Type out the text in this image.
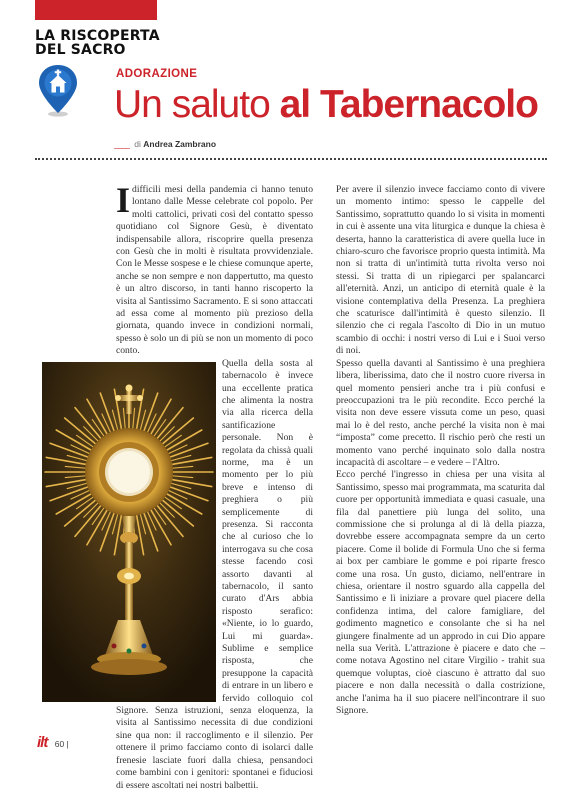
LA RISCOPERTA
DEL SACRO
ADORAZIONE
Un saluto al Tabernacolo
____ di Andrea Zambrano

Idifficili mesi della pandemia ci hanno tenuto lontano dalle Messe celebrate col popolo. Per molti cattolici, privati così del contatto spesso quotidiano col Signore Gesù, è diventato indispensabile allora, riscoprire quella presenza con Gesù che in molti è risultata provvidenziale. Con le Messe sospese e le chiese comunque aperte, anche se non sempre e non dappertutto, ma questo è un altro discorso, in tanti hanno riscoperto la visita al Santissimo Sacramento. E si sono attaccati ad essa come al momento più prezioso della giornata, quando invece in condizioni normali, spesso è solo un di più se non un momento di poco conto.

Quella della sosta al tabernacolo è invece una eccellente pratica che alimenta la nostra via alla ricerca della santificazione personale. Non è regolata da chissà quali norme, ma è un momento per lo più breve e intenso di preghiera o più semplicemente di presenza. Si racconta che al curioso che lo interrogava su che cosa stesse facendo così assorto davanti al tabernacolo, il santo curato d'Ars abbia risposto serafico: «Niente, io lo guardo, Lui mi guarda». Sublime e semplice risposta, che presuppone la capacità di entrare in un libero e fervido colloquio col Signore. Senza istruzioni, senza eloquenza, la visita al Santissimo necessita di due condizioni sine qua non: il raccoglimento e il silenzio. Per ottenere il primo facciamo conto di isolarci dalle frenesie lasciate fuori dalla chiesa, pensandoci come bambini con i genitori: spontanei e fiduciosi di essere ascoltati nei nostri balbettii.

Per avere il silenzio invece facciamo conto di vivere un momento intimo: spesso le cappelle del Santissimo, soprattutto quando lo si visita in momenti in cui è assente una vita liturgica e dunque la chiesa è deserta, hanno la caratteristica di avere quella luce in chiaro-scuro che favorisce proprio questa intimità. Ma non si tratta di un'intimità tutta rivolta verso noi stessi. Si tratta di un ripiegarci per spalancarci all'eternità. Anzi, un anticipo di eternità quale è la visione contemplativa della Presenza. La preghiera che scaturisce dall'intimità è questo silenzio. Il silenzio che ci regala l'ascolto di Dio in un mutuo scambio di occhi: i nostri verso di Lui e i Suoi verso di noi.

Spesso quella davanti al Santissimo è una preghiera libera, liberissima, dato che il nostro cuore riversa in quel momento pensieri anche tra i più confusi e preoccupazioni tra le più recondite. Ecco perché la visita non deve essere vissuta come un peso, quasi mai lo è del resto, anche perché la visita non è mai “imposta” come precetto. Il rischio però che resti un momento vano perché inquinato solo dalla nostra incapacità di ascoltare – e vedere – l'Altro.

Ecco perché l'ingresso in chiesa per una visita al Santissimo, spesso mai programmata, ma scaturita dal cuore per opportunità immediata e quasi casuale, una fila dal panettiere più lunga del solito, una commissione che si prolunga al di là della piazza, dovrebbe essere accompagnata sempre da un certo piacere. Come il bolide di Formula Uno che si ferma ai box per cambiare le gomme e poi riparte fresco come una rosa. Un gusto, diciamo, nell'entrare in chiesa, orientare il nostro sguardo alla cappella del Santissimo e lì iniziare a provare quel piacere della confidenza intima, del calore famigliare, del godimento magnetico e consolante che si ha nel giungere finalmente ad un approdo in cui Dio appare nella sua Verità. L'attrazione è piacere e dato che – come notava Agostino nel citare Virgilio - trahit sua quemque voluptas, cioè ciascuno è attratto dal suo piacere e non dalla necessità o dalla costrizione, anche l'anima ha il suo piacere nell'incontrare il suo Signore.

ilt 60 |
